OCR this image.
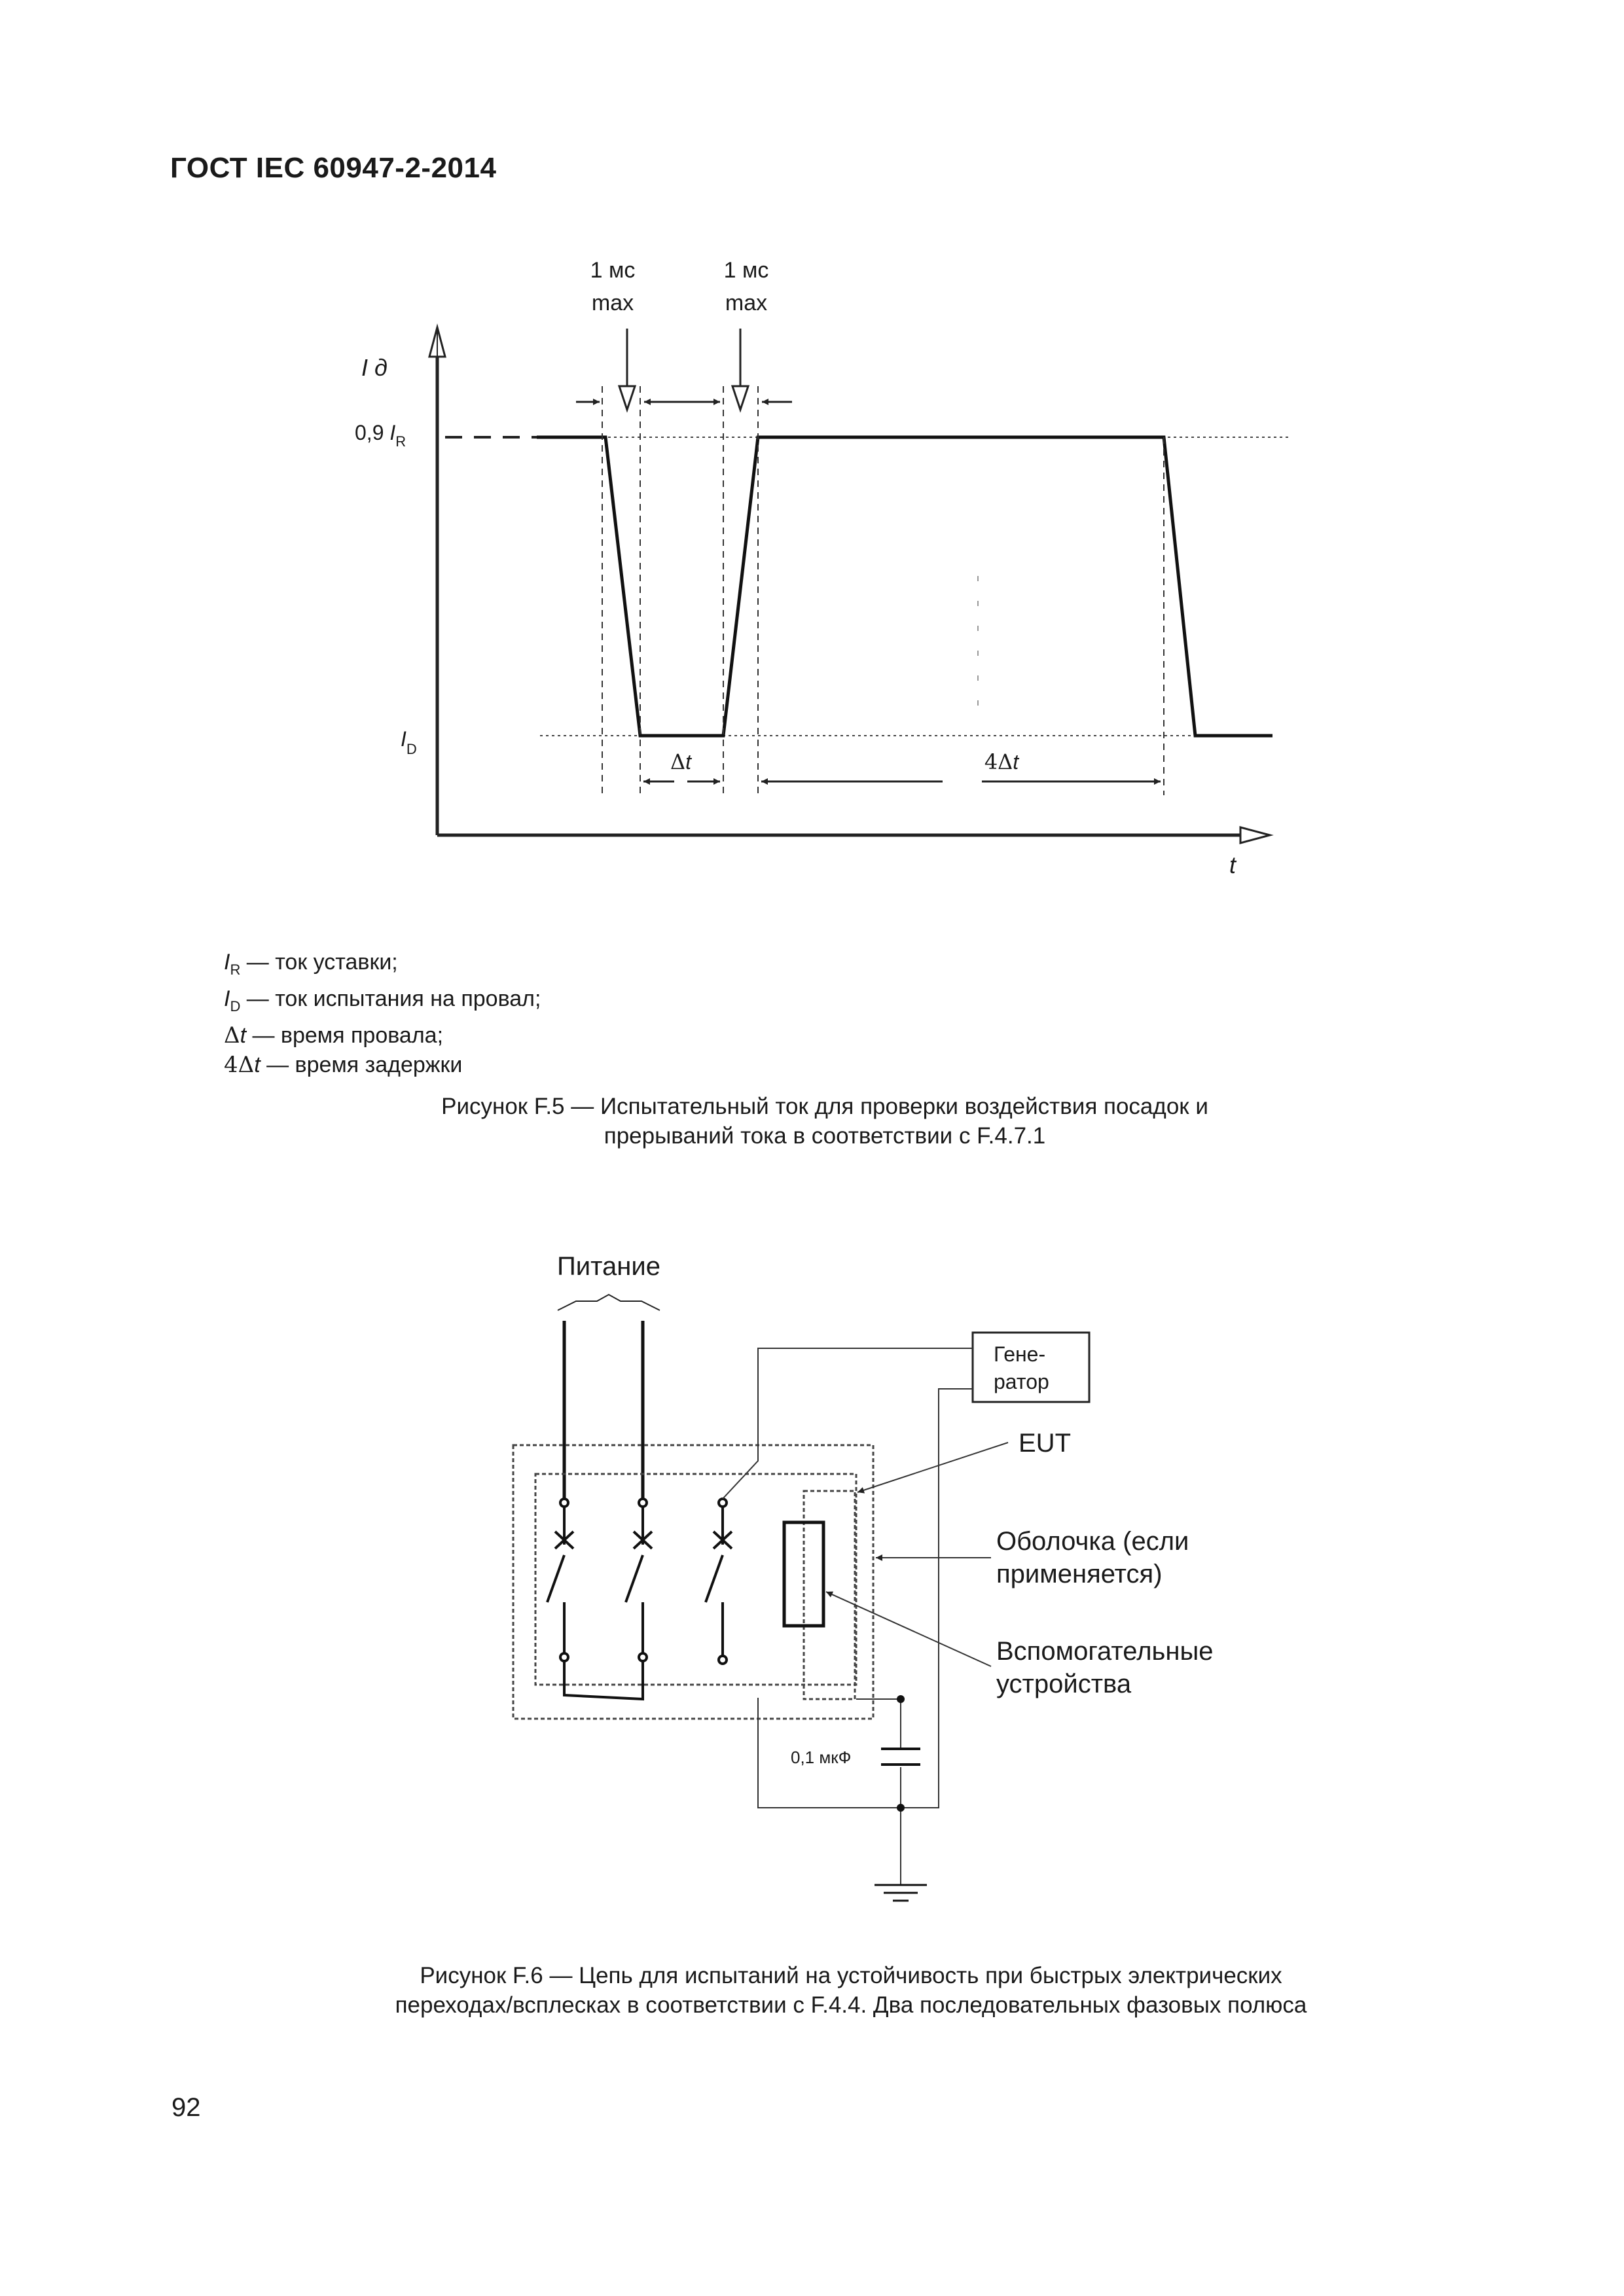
ГОСТ IEC 60947-2-2014
I д
t
0,9 $I_R$
$I_D$
1 мс
max
1 мс
max
Δt	4Δt
$I_R$ — ток уставки;
$I_D$ — ток испытания на провал;
Δt — время провала;
4Δt — время задержки
Рисунок F.5 — Испытательный ток для проверки воздействия посадок и
прерываний тока в соответствии с F.4.7.1
Питание
Гене-
ратор
0,1 мкФ
EUT
Оболочка (если
применяется)
Вспомогательные
устройства
Рисунок F.6 — Цепь для испытаний на устойчивость при быстрых электрических
переходах/всплесках в соответствии с F.4.4. Два последовательных фазовых полюса
92
